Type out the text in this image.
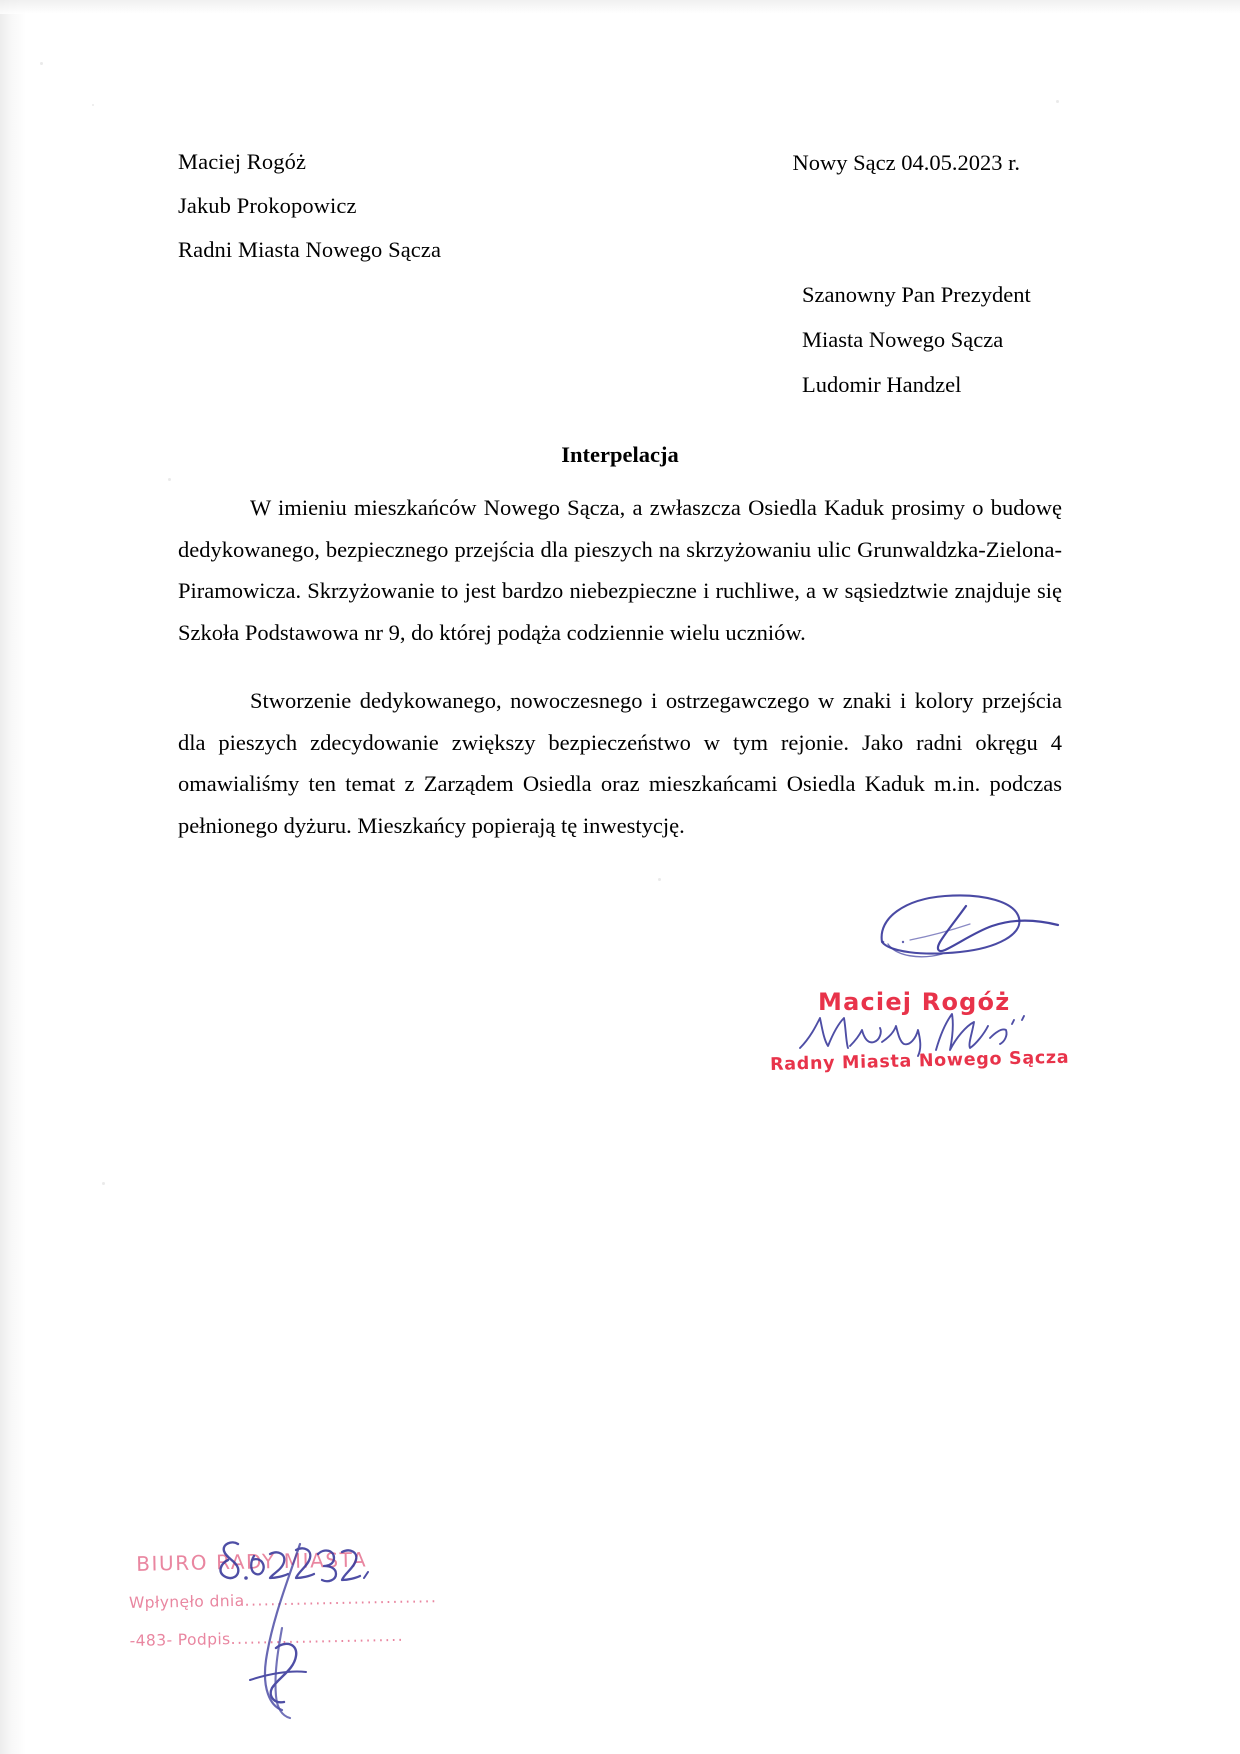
Maciej Rogóż
Jakub Prokopowicz
Radni Miasta Nowego Sącza
Nowy Sącz 04.05.2023 r.
Szanowny Pan Prezydent
Miasta Nowego Sącza
Ludomir Handzel
Interpelacja

W imieniu mieszkańców Nowego Sącza, a zwłaszcza Osiedla Kaduk prosimy o budowę dedykowanego, bezpiecznego przejścia dla pieszych na skrzyżowaniu ulic Grunwaldzka-Zielona-Piramowicza. Skrzyżowanie to jest bardzo niebezpieczne i ruchliwe, a w sąsiedztwie znajduje się Szkoła Podstawowa nr 9, do której podąża codziennie wielu uczniów.

Stworzenie dedykowanego, nowoczesnego i ostrzegawczego w znaki i kolory przejścia dla pieszych zdecydowanie zwiększy bezpieczeństwo w tym rejonie. Jako radni okręgu 4 omawialiśmy ten temat z Zarządem Osiedla oraz mieszkańcami Osiedla Kaduk m.in. podczas pełnionego dyżuru. Mieszkańcy popierają tę inwestycję.

Maciej Rogóż
Radny Miasta Nowego Sącza
BIURO RADY MIASTA
Wpłynęło dnia..............................
-483- Podpis...........................
